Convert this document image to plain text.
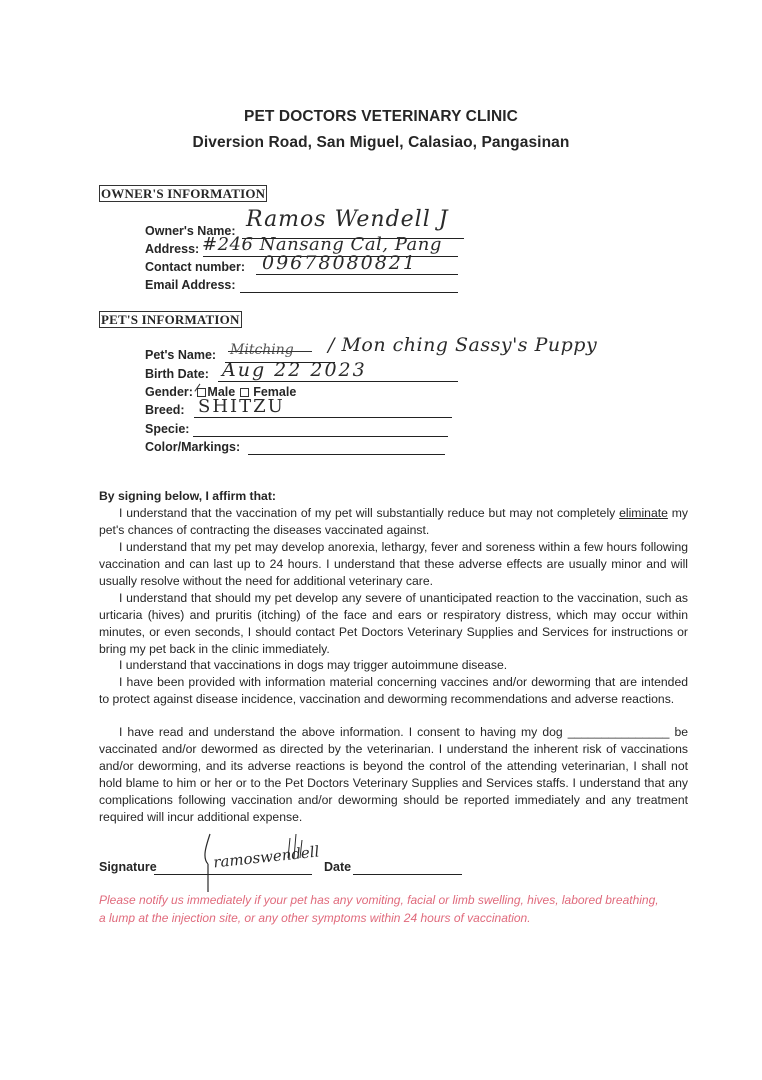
PET DOCTORS VETERINARY CLINIC
Diversion Road, San Miguel, Calasiao, Pangasinan
OWNER'S INFORMATION
Owner's Name: Ramos Wendell J
Address: #246 Nansang Cal, Pang
Contact number: 09678080821
Email Address:
PET'S INFORMATION
Pet's Name: Mitching / Mon ching Sassy's Puppy
Birth Date: Aug 22 2023
Gender: Male Female
Breed: SHITZU
Specie:
Color/Markings:

By signing below, I affirm that:

I understand that the vaccination of my pet will substantially reduce but may not completely eliminate my pet's chances of contracting the diseases vaccinated against.

I understand that my pet may develop anorexia, lethargy, fever and soreness within a few hours following vaccination and can last up to 24 hours. I understand that these adverse effects are usually minor and will usually resolve without the need for additional veterinary care.

I understand that should my pet develop any severe of unanticipated reaction to the vaccination, such as urticaria (hives) and pruritis (itching) of the face and ears or respiratory distress, which may occur within minutes, or even seconds, I should contact Pet Doctors Veterinary Supplies and Services for instructions or bring my pet back in the clinic immediately.

I understand that vaccinations in dogs may trigger autoimmune disease.

I have been provided with information material concerning vaccines and/or deworming that are intended to protect against disease incidence, vaccination and deworming recommendations and adverse reactions.

I have read and understand the above information. I consent to having my dog _______________ be vaccinated and/or dewormed as directed by the veterinarian. I understand the inherent risk of vaccinations and/or deworming, and its adverse reactions is beyond the control of the attending veterinarian, I shall not hold blame to him or her or to the Pet Doctors Veterinary Supplies and Services staffs. I understand that any complications following vaccination and/or deworming should be reported immediately and any treatment required will incur additional expense.

Signature	ramoswendell Date

Please notify us immediately if your pet has any vomiting, facial or limb swelling, hives, labored breathing, a lump at the injection site, or any other symptoms within 24 hours of vaccination.
